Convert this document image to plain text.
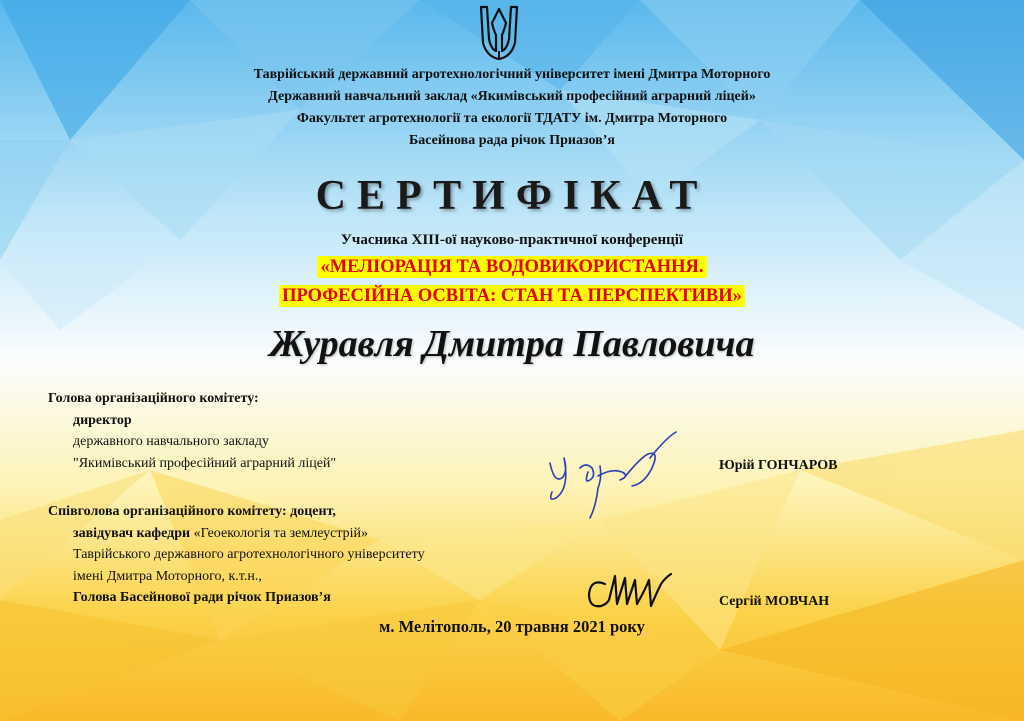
Таврійський державний агротехнологічний університет імені Дмитра Моторного
Державний навчальний заклад «Якимівський професійний аграрний ліцей»
Факультет агротехнології та екології ТДАТУ ім. Дмитра Моторного
Басейнова рада річок Приазов’я
СЕРТИФІКАТ
Учасника XIII-ої науково-практичної конференції
«МЕЛІОРАЦІЯ ТА ВОДОВИКОРИСТАННЯ.
ПРОФЕСІЙНА ОСВІТА: СТАН ТА ПЕРСПЕКТИВИ»
Журавля Дмитра Павловича
Голова організаційного комітету:
директор
державного навчального закладу
"Якимівський професійний аграрний ліцей"	Юрій ГОНЧАРОВ
Співголова організаційного комітету: доцент,
завідувач кафедри «Геоекологія та землеустрій»
Таврійського державного агротехнологічного університету
імені Дмитра Моторного, к.т.н.,
Голова Басейнової ради річок Приазов’я	Сергій МОВЧАН
м. Мелітополь, 20 травня 2021 року
